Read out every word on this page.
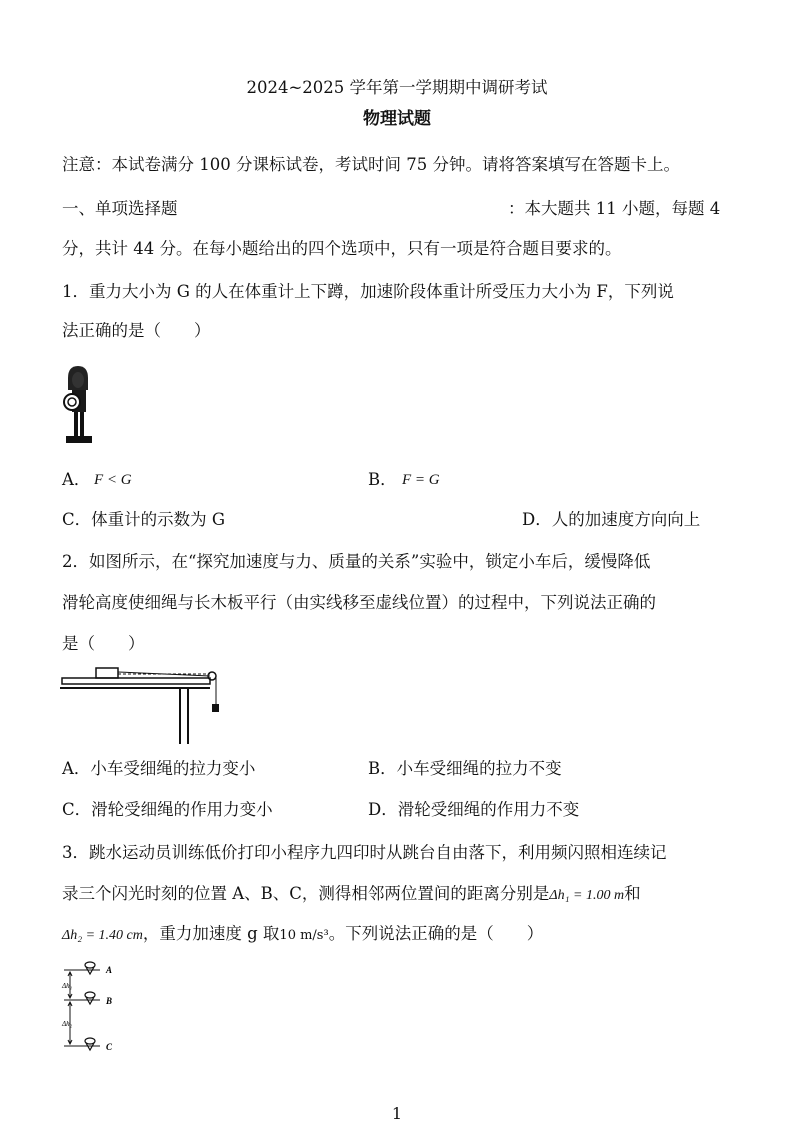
2024~2025 学年第一学期期中调研考试
物理试题
注意：本试卷满分 100 分课标试卷，考试时间 75 分钟。请将答案填写在答题卡上。
一、单项选择题	：本大题共 11 小题，每题 4
分，共计 44 分。在每小题给出的四个选项中，只有一项是符合题目要求的。
1．重力大小为 G 的人在体重计上下蹲，加速阶段体重计所受压力大小为 F，下列说
法正确的是（　　）
A． F < G	B． F = G
C．体重计的示数为 G	D．人的加速度方向向上
2．如图所示，在“探究加速度与力、质量的关系”实验中，锁定小车后，缓慢降低
滑轮高度使细绳与长木板平行（由实线移至虚线位置）的过程中，下列说法正确的
是（　　）
A．小车受细绳的拉力变小	B．小车受细绳的拉力不变
C．滑轮受细绳的作用力变小	D．滑轮受细绳的作用力不变
3．跳水运动员训练低价打印小程序九四印时从跳台自由落下，利用频闪照相连续记
录三个闪光时刻的位置 A、B、C，测得相邻两位置间的距离分别是Δh₁ = 1.00 m和
Δh₂ = 1.40 cm，重力加速度 g 取10 m/s³。下列说法正确的是（　　）
Δh₁
Δh₂
A
B
C
1
